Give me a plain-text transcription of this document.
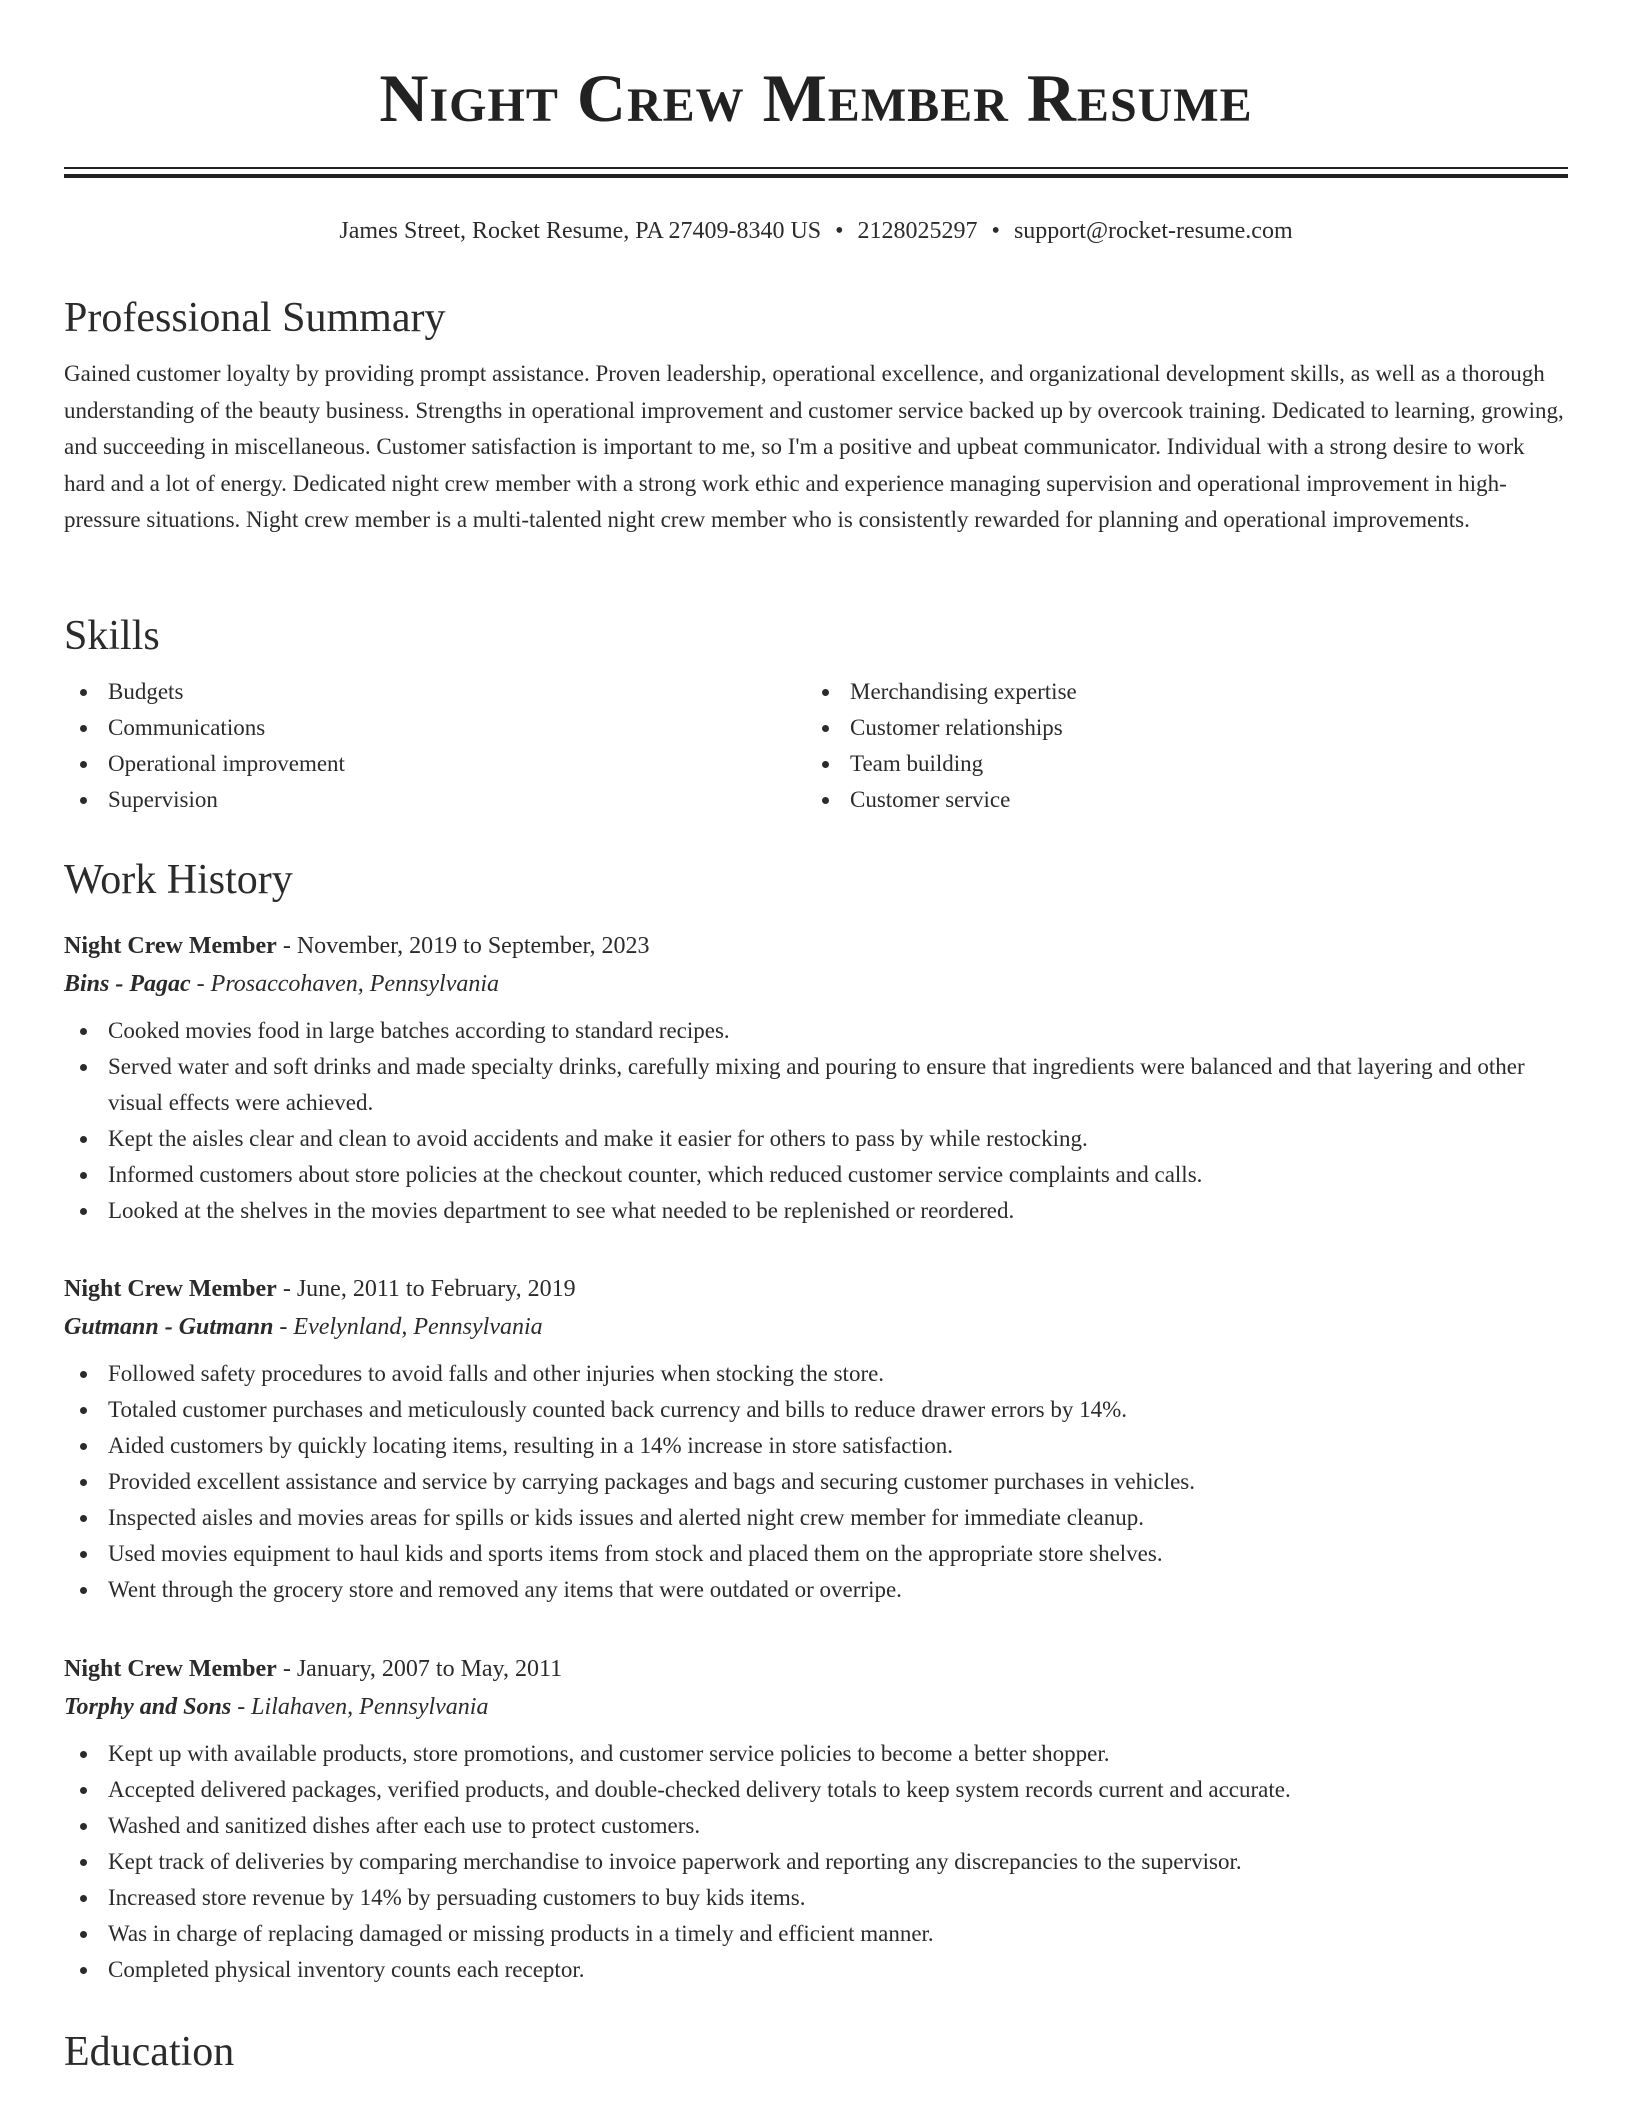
Night Crew Member Resume
James Street, Rocket Resume, PA 27409-8340 US • 2128025297 • support@rocket-resume.com
Professional Summary

Gained customer loyalty by providing prompt assistance. Proven leadership, operational excellence, and organizational development skills, as well as a thorough understanding of the beauty business. Strengths in operational improvement and customer service backed up by overcook training. Dedicated to learning, growing, and succeeding in miscellaneous. Customer satisfaction is important to me, so I'm a positive and upbeat communicator. Individual with a strong desire to work hard and a lot of energy. Dedicated night crew member with a strong work ethic and experience managing supervision and operational improvement in high-pressure situations. Night crew member is a multi-talented night crew member who is consistently rewarded for planning and operational improvements.

Skills
Budgets
Communications
Operational improvement
Supervision
Merchandising expertise
Customer relationships
Team building
Customer service
Work History
Night Crew Member - November, 2019 to September, 2023
Bins - Pagac - Prosaccohaven, Pennsylvania
Cooked movies food in large batches according to standard recipes.
Served water and soft drinks and made specialty drinks, carefully mixing and pouring to ensure that ingredients were balanced and that layering and other visual effects were achieved.
Kept the aisles clear and clean to avoid accidents and make it easier for others to pass by while restocking.
Informed customers about store policies at the checkout counter, which reduced customer service complaints and calls.
Looked at the shelves in the movies department to see what needed to be replenished or reordered.
Night Crew Member - June, 2011 to February, 2019
Gutmann - Gutmann - Evelynland, Pennsylvania
Followed safety procedures to avoid falls and other injuries when stocking the store.
Totaled customer purchases and meticulously counted back currency and bills to reduce drawer errors by 14%.
Aided customers by quickly locating items, resulting in a 14% increase in store satisfaction.
Provided excellent assistance and service by carrying packages and bags and securing customer purchases in vehicles.
Inspected aisles and movies areas for spills or kids issues and alerted night crew member for immediate cleanup.
Used movies equipment to haul kids and sports items from stock and placed them on the appropriate store shelves.
Went through the grocery store and removed any items that were outdated or overripe.
Night Crew Member - January, 2007 to May, 2011
Torphy and Sons - Lilahaven, Pennsylvania
Kept up with available products, store promotions, and customer service policies to become a better shopper.
Accepted delivered packages, verified products, and double-checked delivery totals to keep system records current and accurate.
Washed and sanitized dishes after each use to protect customers.
Kept track of deliveries by comparing merchandise to invoice paperwork and reporting any discrepancies to the supervisor.
Increased store revenue by 14% by persuading customers to buy kids items.
Was in charge of replacing damaged or missing products in a timely and efficient manner.
Completed physical inventory counts each receptor.
Education
